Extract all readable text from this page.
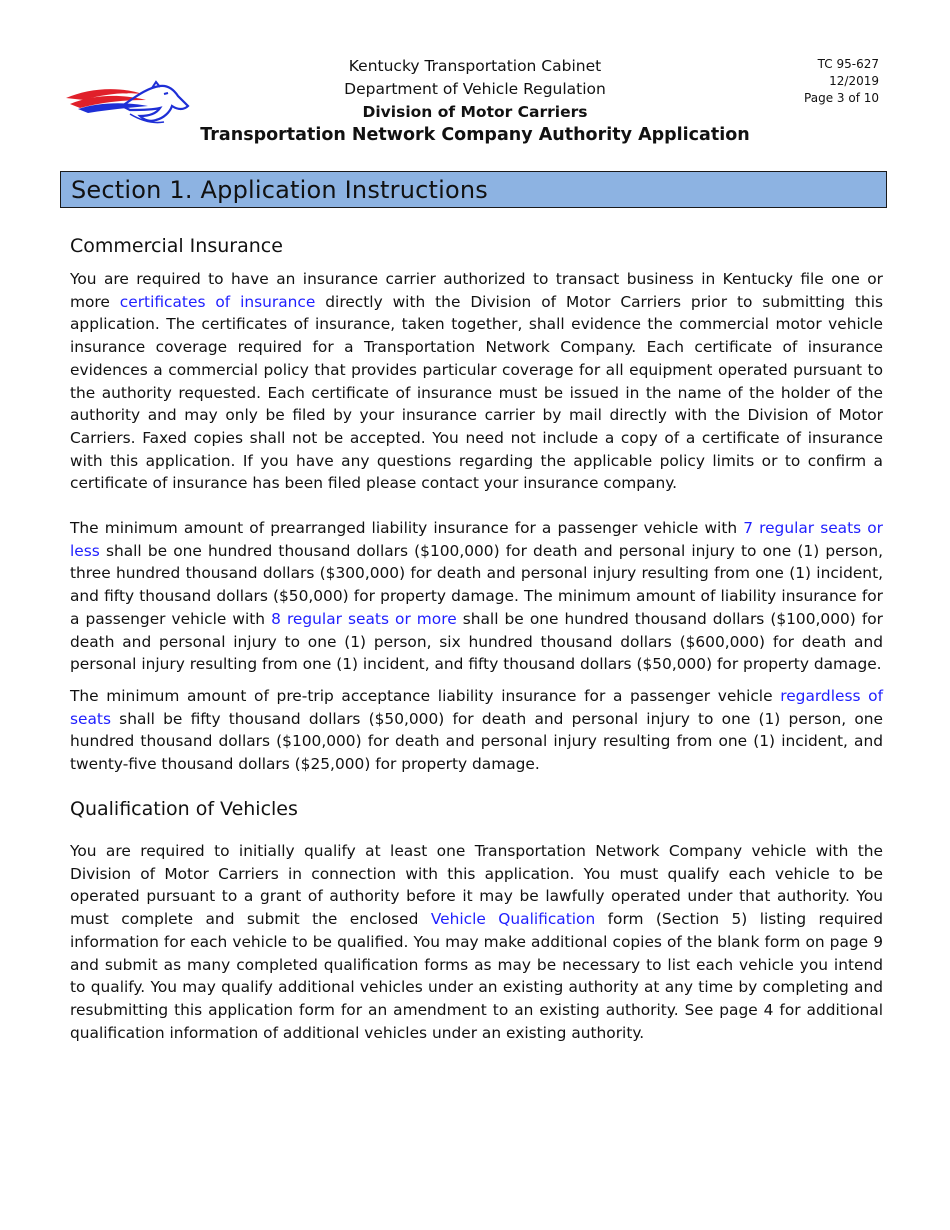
Kentucky Transportation Cabinet
Department of Vehicle Regulation
Division of Motor Carriers
Transportation Network Company Authority Application
TC 95-627
12/2019
Page 3 of 10
Section 1. Application Instructions
Commercial Insurance

You are required to have an insurance carrier authorized to transact business in Kentucky file one or more certificates of insurance directly with the Division of Motor Carriers prior to submitting this application. The certificates of insurance, taken together, shall evidence the commercial motor vehicle insurance coverage required for a Transportation Network Company. Each certificate of insurance evidences a commercial policy that provides particular coverage for all equipment operated pursuant to the authority requested. Each certificate of insurance must be issued in the name of the holder of the authority and may only be filed by your insurance carrier by mail directly with the Division of Motor Carriers. Faxed copies shall not be accepted. You need not include a copy of a certificate of insurance with this application. If you have any questions regarding the applicable policy limits or to confirm a certificate of insurance has been filed please contact your insurance company.

The minimum amount of prearranged liability insurance for a passenger vehicle with 7 regular seats or less shall be one hundred thousand dollars ($100,000) for death and personal injury to one (1) person, three hundred thousand dollars ($300,000) for death and personal injury resulting from one (1) incident, and fifty thousand dollars ($50,000) for property damage. The minimum amount of liability insurance for a passenger vehicle with 8 regular seats or more shall be one hundred thousand dollars ($100,000) for death and personal injury to one (1) person, six hundred thousand dollars ($600,000) for death and personal injury resulting from one (1) incident, and fifty thousand dollars ($50,000) for property damage.

The minimum amount of pre-trip acceptance liability insurance for a passenger vehicle regardless of seats shall be fifty thousand dollars ($50,000) for death and personal injury to one (1) person, one hundred thousand dollars ($100,000) for death and personal injury resulting from one (1) incident, and twenty-five thousand dollars ($25,000) for property damage.

Qualification of Vehicles

You are required to initially qualify at least one Transportation Network Company vehicle with the Division of Motor Carriers in connection with this application. You must qualify each vehicle to be operated pursuant to a grant of authority before it may be lawfully operated under that authority. You must complete and submit the enclosed Vehicle Qualification form (Section 5) listing required information for each vehicle to be qualified. You may make additional copies of the blank form on page 9 and submit as many completed qualification forms as may be necessary to list each vehicle you intend to qualify. You may qualify additional vehicles under an existing authority at any time by completing and resubmitting this application form for an amendment to an existing authority. See page 4 for additional qualification information of additional vehicles under an existing authority.
